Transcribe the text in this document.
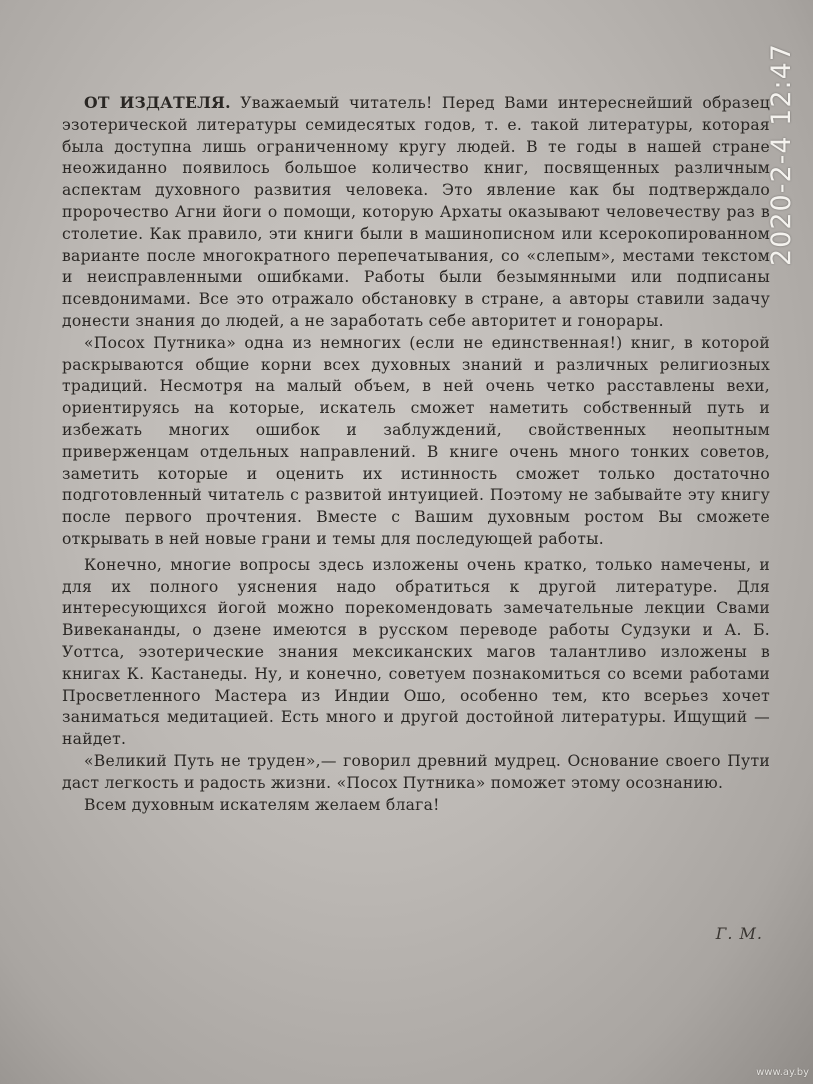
ОТ ИЗДАТЕЛЯ. Уважаемый читатель! Перед Вами интереснейший образец эзотерической литературы семидесятых годов, т. е. такой литературы, которая была доступна лишь ограниченному кругу людей. В те годы в нашей стране неожиданно появилось большое количество книг, посвященных различным аспектам духовного развития человека. Это явление как бы подтверждало пророчество Агни йоги о помощи, которую Архаты оказывают человечеству раз в столетие. Как правило, эти книги были в машинописном или ксерокопированном варианте после многократного перепечатывания, со «слепым», местами текстом и неисправленными ошибками. Работы были безымянными или подписаны псевдонимами. Все это отражало обстановку в стране, а авторы ставили задачу донести знания до людей, а не заработать себе авторитет и гонорары.

«Посох Путника» одна из немногих (если не единственная!) книг, в которой раскрываются общие корни всех духовных знаний и различных религиозных традиций. Несмотря на малый объем, в ней очень четко расставлены вехи, ориентируясь на которые, искатель сможет наметить собственный путь и избежать многих ошибок и заблуждений, свойственных неопытным приверженцам отдельных направлений. В книге очень много тонких советов, заметить которые и оценить их истинность сможет только достаточно подготовленный читатель с развитой интуицией. Поэтому не забывайте эту книгу после первого прочтения. Вместе с Вашим духовным ростом Вы сможете открывать в ней новые грани и темы для последующей работы.

Конечно, многие вопросы здесь изложены очень кратко, только намечены, и для их полного уяснения надо обратиться к другой литературе. Для интересующихся йогой можно порекомендовать замечательные лекции Свами Вивекананды, о дзене имеются в русском переводе работы Судзуки и А. Б. Уоттса, эзотерические знания мексиканских магов талантливо изложены в книгах К. Кастанеды. Ну, и конечно, советуем познакомиться со всеми работами Просветленного Мастера из Индии Ошо, особенно тем, кто всерьез хочет заниматься медитацией. Есть много и другой достойной литературы. Ищущий — найдет.

«Великий Путь не труден»,— говорил древний мудрец. Основание своего Пути даст легкость и радость жизни. «Посох Путника» поможет этому осознанию.

Всем духовным искателям желаем блага!

Г. М.
2020-2-4 12:47
www.ay.by
